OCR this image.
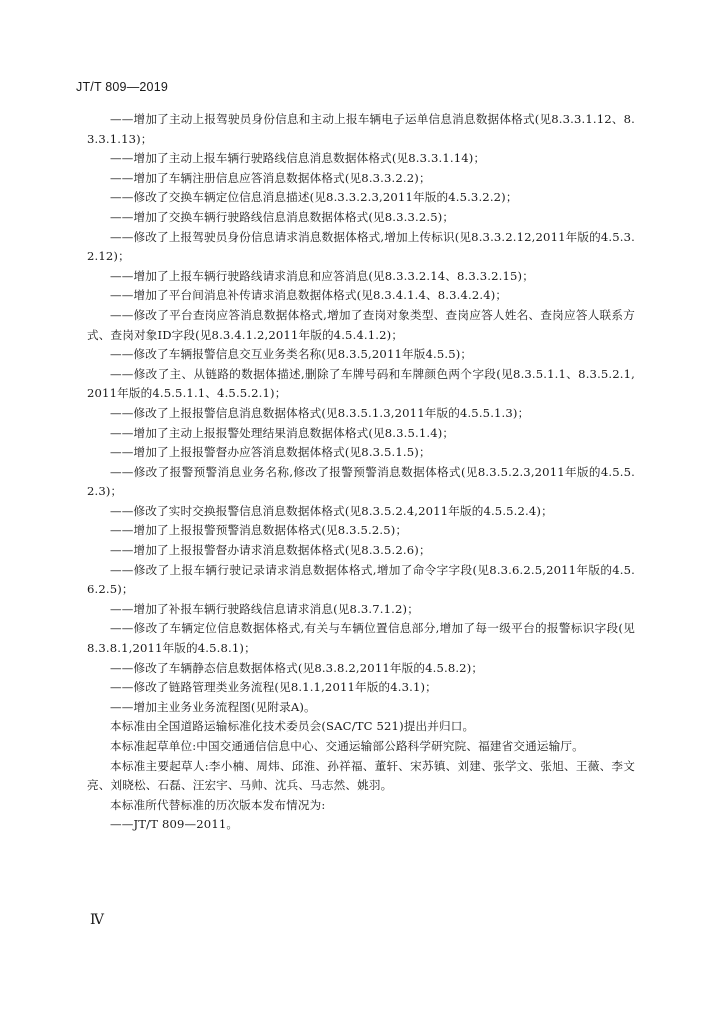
JT/T 809—2019

——增加了主动上报驾驶员身份信息和主动上报车辆电子运单信息消息数据体格式(见8.3.3.1.12、8.3.3.1.13)；

——增加了主动上报车辆行驶路线信息消息数据体格式(见8.3.3.1.14)；

——增加了车辆注册信息应答消息数据体格式(见8.3.3.2.2)；

——修改了交换车辆定位信息消息描述(见8.3.3.2.3,2011年版的4.5.3.2.2)；

——增加了交换车辆行驶路线信息消息数据体格式(见8.3.3.2.5)；

——修改了上报驾驶员身份信息请求消息数据体格式,增加上传标识(见8.3.3.2.12,2011年版的4.5.3.2.12)；

——增加了上报车辆行驶路线请求消息和应答消息(见8.3.3.2.14、8.3.3.2.15)；

——增加了平台间消息补传请求消息数据体格式(见8.3.4.1.4、8.3.4.2.4)；

——修改了平台查岗应答消息数据体格式,增加了查岗对象类型、查岗应答人姓名、查岗应答人联系方式、查岗对象ID字段(见8.3.4.1.2,2011年版的4.5.4.1.2)；

——修改了车辆报警信息交互业务类名称(见8.3.5,2011年版4.5.5)；

——修改了主、从链路的数据体描述,删除了车牌号码和车牌颜色两个字段(见8.3.5.1.1、8.3.5.2.1,2011年版的4.5.5.1.1、4.5.5.2.1)；

——修改了上报报警信息消息数据体格式(见8.3.5.1.3,2011年版的4.5.5.1.3)；

——增加了主动上报报警处理结果消息数据体格式(见8.3.5.1.4)；

——增加了上报报警督办应答消息数据体格式(见8.3.5.1.5)；

——修改了报警预警消息业务名称,修改了报警预警消息数据体格式(见8.3.5.2.3,2011年版的4.5.5.2.3)；

——修改了实时交换报警信息消息数据体格式(见8.3.5.2.4,2011年版的4.5.5.2.4)；

——增加了上报报警预警消息数据体格式(见8.3.5.2.5)；

——增加了上报报警督办请求消息数据体格式(见8.3.5.2.6)；

——修改了上报车辆行驶记录请求消息数据体格式,增加了命令字字段(见8.3.6.2.5,2011年版的4.5.6.2.5)；

——增加了补报车辆行驶路线信息请求消息(见8.3.7.1.2)；

——修改了车辆定位信息数据体格式,有关与车辆位置信息部分,增加了每一级平台的报警标识字段(见8.3.8.1,2011年版的4.5.8.1)；

——修改了车辆静态信息数据体格式(见8.3.8.2,2011年版的4.5.8.2)；

——修改了链路管理类业务流程(见8.1.1,2011年版的4.3.1)；

——增加主业务业务流程图(见附录A)。

本标准由全国道路运输标准化技术委员会(SAC/TC 521)提出并归口。

本标准起草单位:中国交通通信信息中心、交通运输部公路科学研究院、福建省交通运输厅。

本标准主要起草人:李小楠、周炜、邱淮、孙祥福、董轩、宋苏镇、刘建、张学文、张旭、王薇、李文亮、刘晓松、石磊、汪宏宇、马帅、沈兵、马志然、姚羽。

本标准所代替标准的历次版本发布情况为:

——JT/T 809—2011。

Ⅳ
